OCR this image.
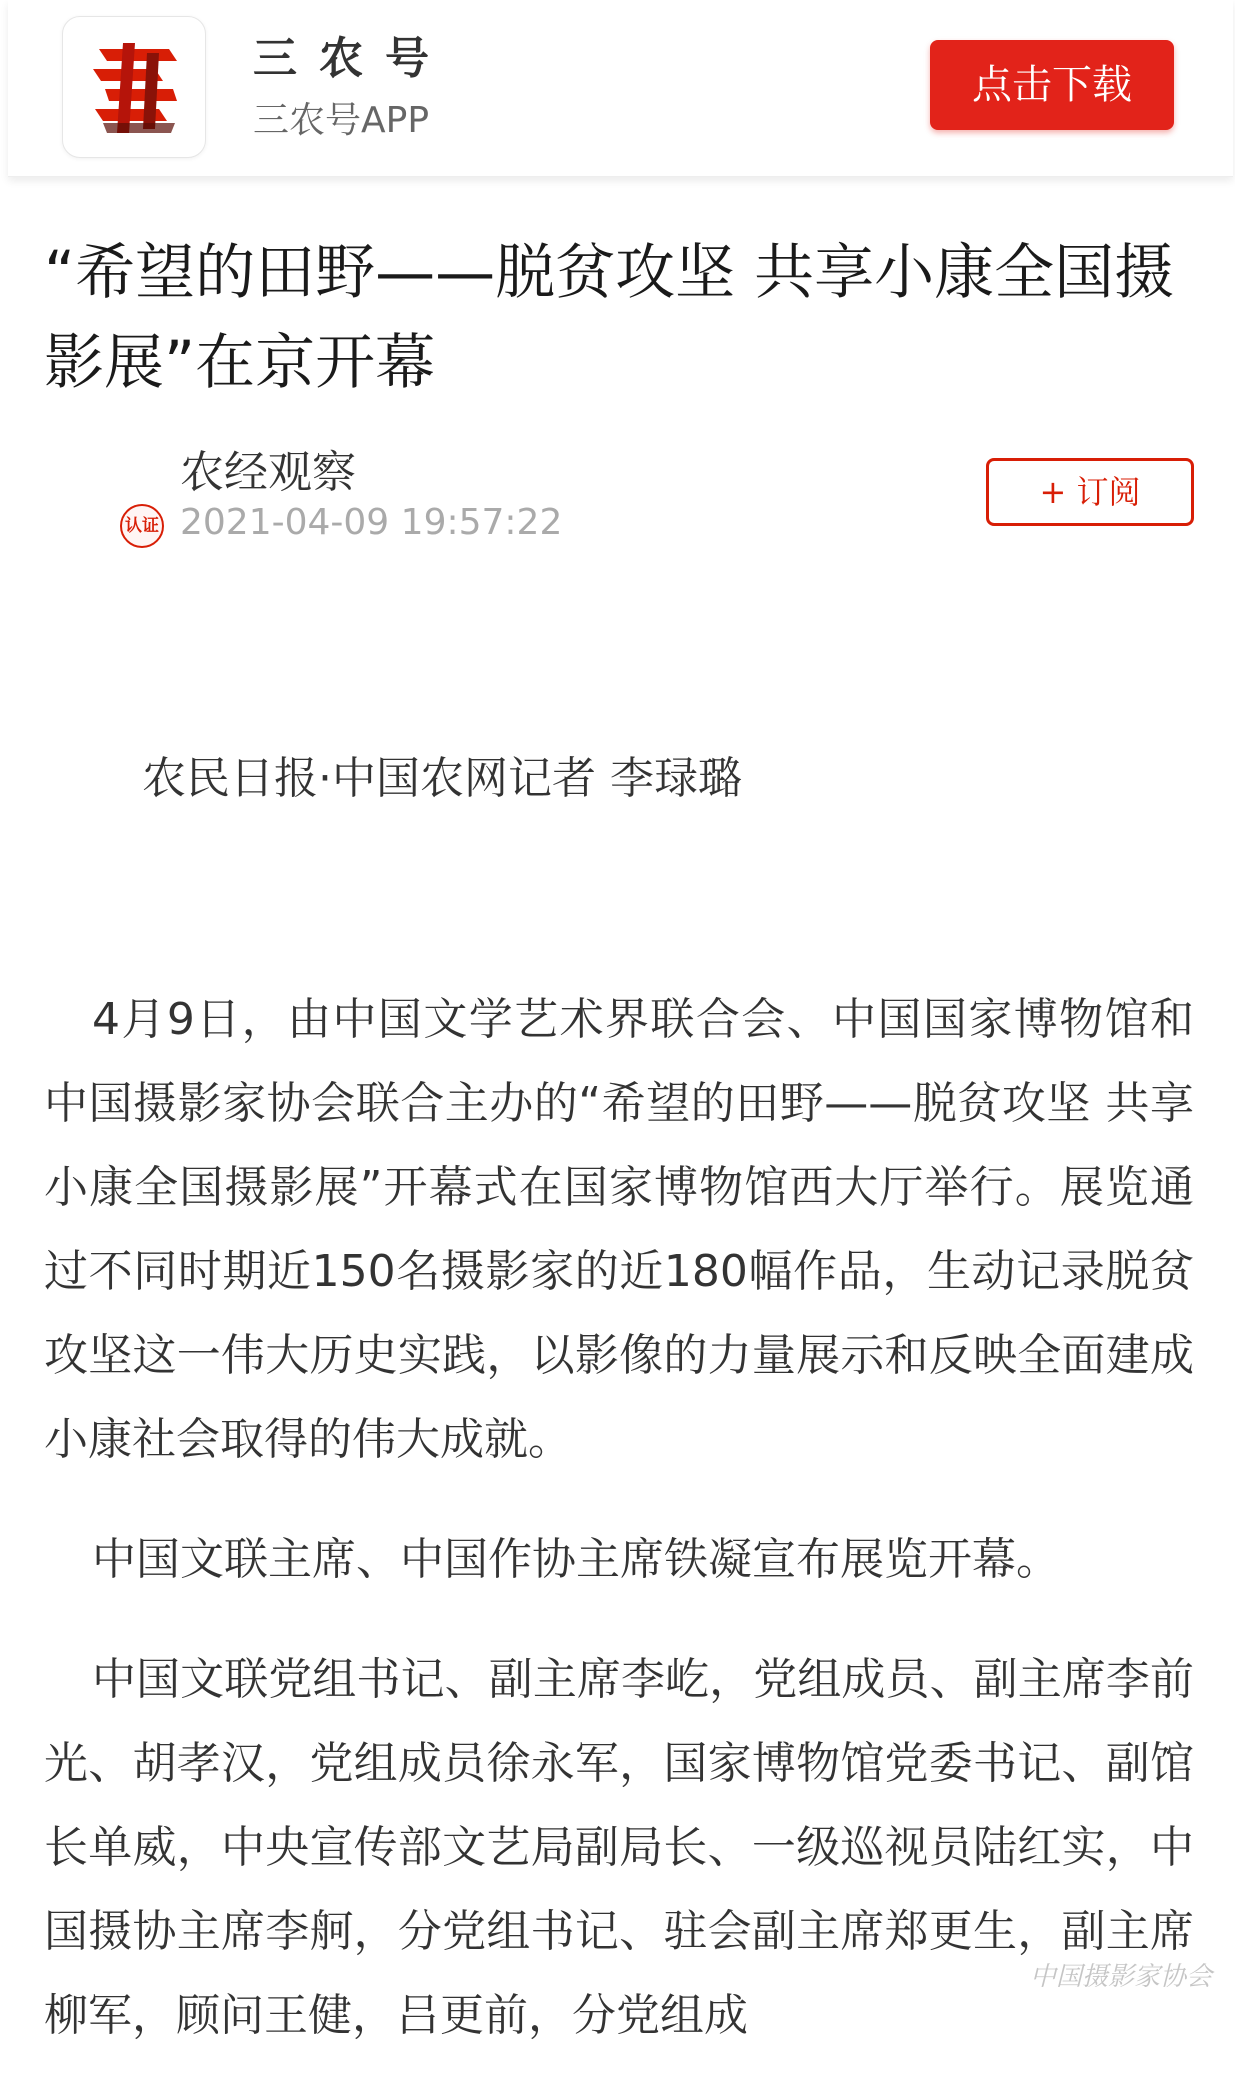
三农号
三农号APP
点击下载
“希望的田野——脱贫攻坚 共享小康全国摄影展”在京开幕
农经观察
认证 2021-04-09 19:57:22
+ 订阅
农民日报·中国农网记者 李琭璐

4月9日，由中国文学艺术界联合会、中国国家博物馆和中国摄影家协会联合主办的“希望的田野——脱贫攻坚 共享小康全国摄影展”开幕式在国家博物馆西大厅举行。展览通过不同时期近150名摄影家的近180幅作品，生动记录脱贫攻坚这一伟大历史实践，以影像的力量展示和反映全面建成小康社会取得的伟大成就。

中国文联主席、中国作协主席铁凝宣布展览开幕。

中国文联党组书记、副主席李屹，党组成员、副主席李前光、胡孝汉，党组成员徐永军，国家博物馆党委书记、副馆长单威，中央宣传部文艺局副局长、一级巡视员陆红实，中国摄协主席李舸，分党组书记、驻会副主席郑更生，副主席柳军，顾问王健，吕更前，分党组成

中国摄影家协会
